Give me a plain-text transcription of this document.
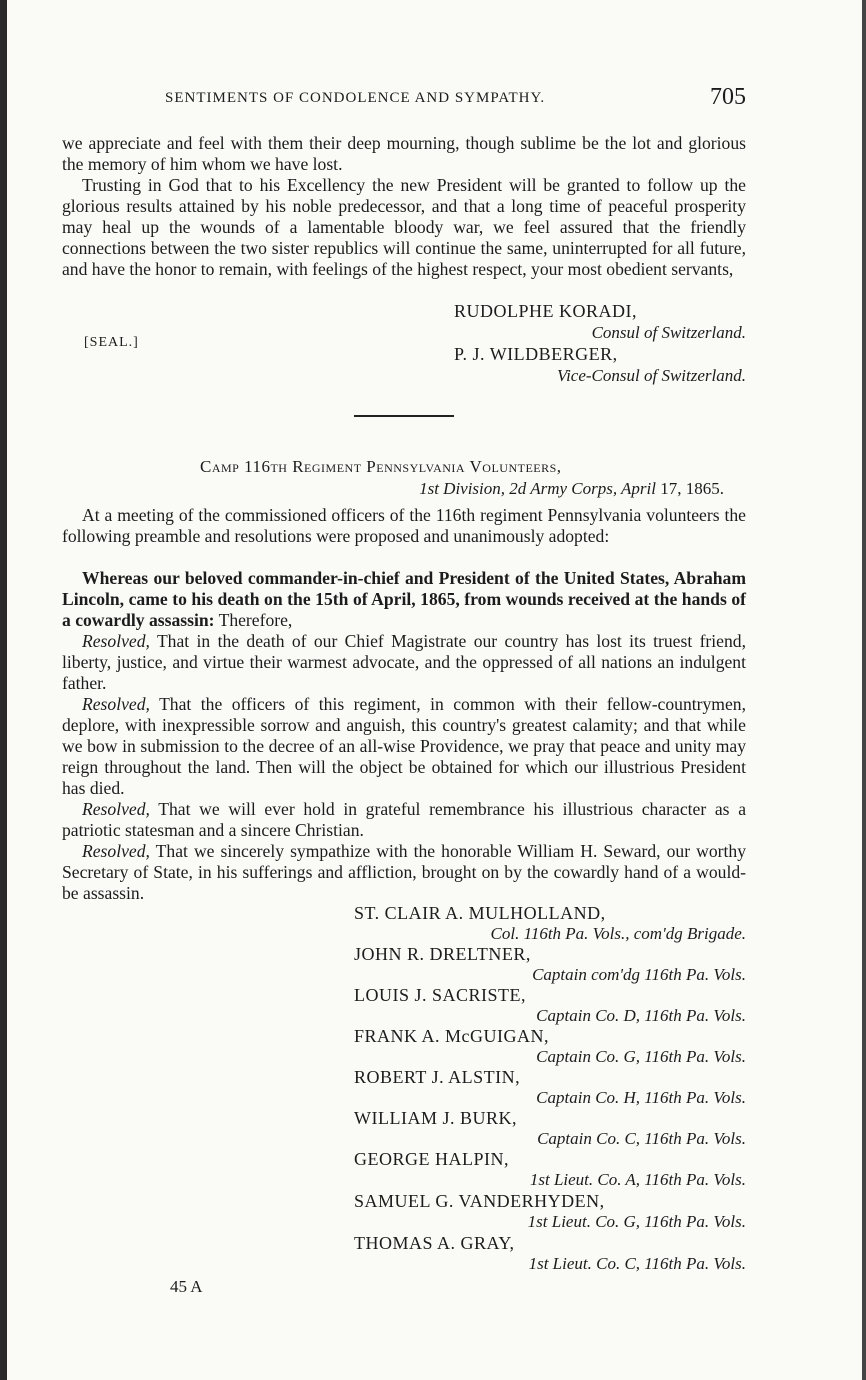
SENTIMENTS OF CONDOLENCE AND SYMPATHY.	705

we appreciate and feel with them their deep mourning, though sublime be the lot and glorious the memory of him whom we have lost.

Trusting in God that to his Excellency the new President will be granted to follow up the glorious results attained by his noble predecessor, and that a long time of peaceful prosperity may heal up the wounds of a lamentable bloody war, we feel assured that the friendly connections between the two sister republics will continue the same, uninterrupted for all future, and have the honor to remain, with feelings of the highest respect, your most obedient servants,

RUDOLPHE KORADI,
Consul of Switzerland.
[SEAL.]
P. J. WILDBERGER,
Vice-Consul of Switzerland.
Camp 116th Regiment Pennsylvania Volunteers,
1st Division, 2d Army Corps, April 17, 1865.

At a meeting of the commissioned officers of the 116th regiment Pennsylvania volunteers the following preamble and resolutions were proposed and unanimously adopted:

Whereas our beloved commander-in-chief and President of the United States, Abraham Lincoln, came to his death on the 15th of April, 1865, from wounds received at the hands of a cowardly assassin: Therefore,

Resolved, That in the death of our Chief Magistrate our country has lost its truest friend, liberty, justice, and virtue their warmest advocate, and the oppressed of all nations an indulgent father.

Resolved, That the officers of this regiment, in common with their fellow-countrymen, deplore, with inexpressible sorrow and anguish, this country's greatest calamity; and that while we bow in submission to the decree of an all-wise Providence, we pray that peace and unity may reign throughout the land. Then will the object be obtained for which our illustrious President has died.

Resolved, That we will ever hold in grateful remembrance his illustrious character as a patriotic statesman and a sincere Christian.

Resolved, That we sincerely sympathize with the honorable William H. Seward, our worthy Secretary of State, in his sufferings and affliction, brought on by the cowardly hand of a would-be assassin.

ST. CLAIR A. MULHOLLAND,
Col. 116th Pa. Vols., com'dg Brigade.
JOHN R. DRELTNER,
Captain com'dg 116th Pa. Vols.
LOUIS J. SACRISTE,
Captain Co. D, 116th Pa. Vols.
FRANK A. McGUIGAN,
Captain Co. G, 116th Pa. Vols.
ROBERT J. ALSTIN,
Captain Co. H, 116th Pa. Vols.
WILLIAM J. BURK,
Captain Co. C, 116th Pa. Vols.
GEORGE HALPIN,
1st Lieut. Co. A, 116th Pa. Vols.
SAMUEL G. VANDERHYDEN,
1st Lieut. Co. G, 116th Pa. Vols.
THOMAS A. GRAY,
1st Lieut. Co. C, 116th Pa. Vols.
45 A
